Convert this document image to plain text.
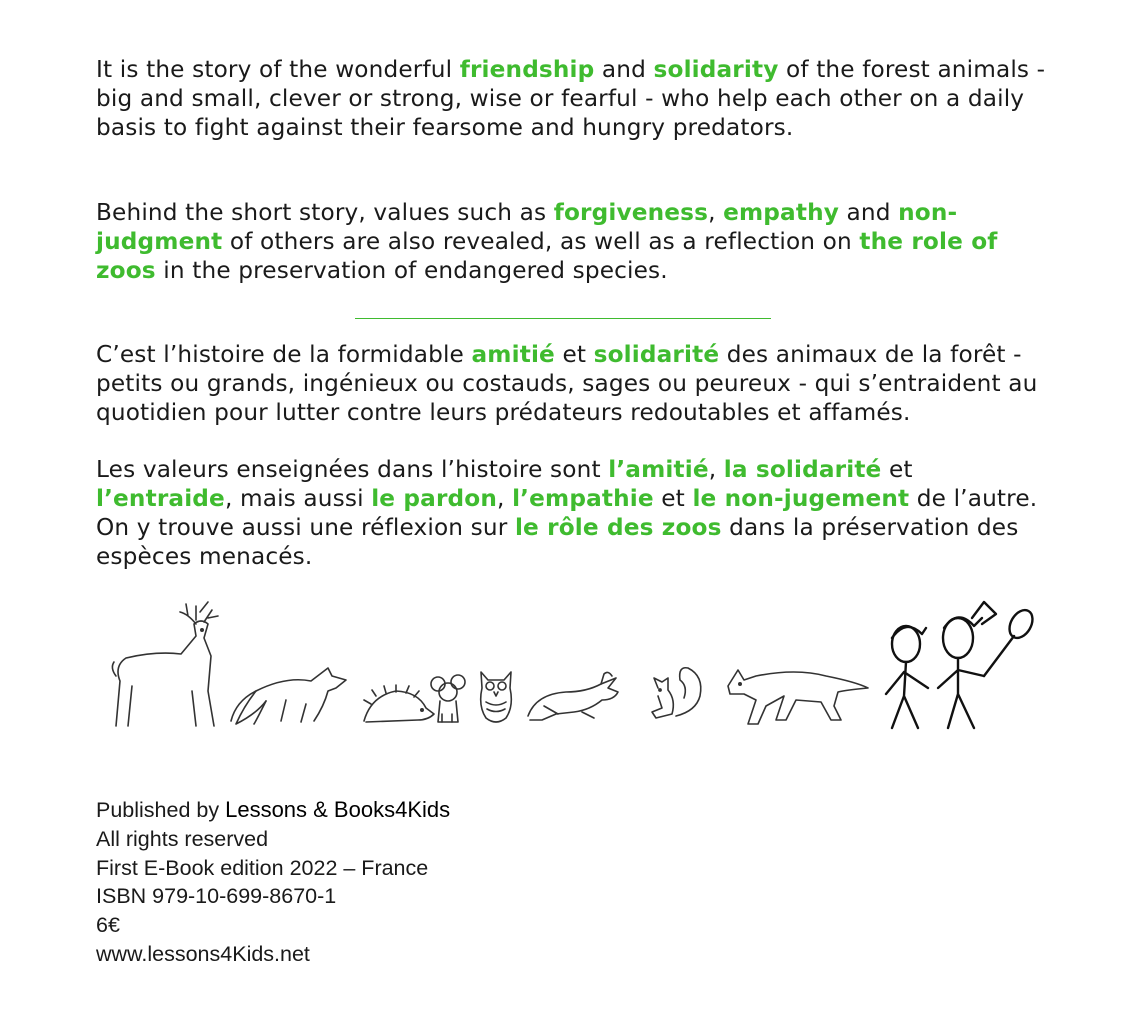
It is the story of the wonderful friendship and solidarity of the forest animals - big and small, clever or strong, wise or fearful - who help each other on a daily basis to fight against their fearsome and hungry predators.

Behind the short story, values such as forgiveness, empathy and non-judgment of others are also revealed, as well as a reflection on the role of zoos in the preservation of endangered species.

C’est l’histoire de la formidable amitié et solidarité des animaux de la forêt - petits ou grands, ingénieux ou costauds, sages ou peureux - qui s’entraident au quotidien pour lutter contre leurs prédateurs redoutables et affamés.

Les valeurs enseignées dans l’histoire sont l’amitié, la solidarité et l’entraide, mais aussi le pardon, l’empathie et le non-jugement de l’autre. On y trouve aussi une réflexion sur le rôle des zoos dans la préservation des espèces menacés.

Published by Lessons & Books4Kids
All rights reserved
First E-Book edition 2022 – France
ISBN 979-10-699-8670-1
6€
www.lessons4Kids.net
